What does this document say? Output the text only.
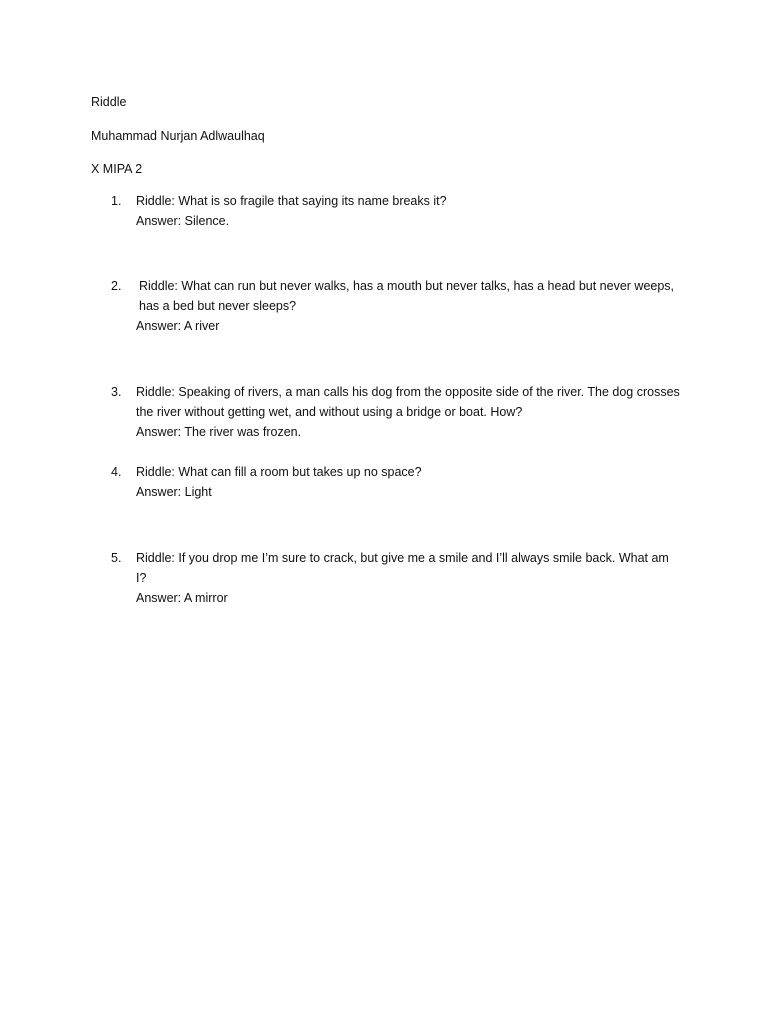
Riddle
Muhammad Nurjan Adlwaulhaq
X MIPA 2
1.	Riddle: What is so fragile that saying its name breaks it?
Answer: Silence.
2.	Riddle: What can run but never walks, has a mouth but never talks, has a head but never weeps, has a bed but never sleeps?
Answer: A river
3.	Riddle: Speaking of rivers, a man calls his dog from the opposite side of the river. The dog crosses the river without getting wet, and without using a bridge or boat. How?
Answer: The river was frozen.
4.	Riddle: What can fill a room but takes up no space?
Answer: Light
5.	Riddle: If you drop me I’m sure to crack, but give me a smile and I’ll always smile back. What am I?
Answer: A mirror
